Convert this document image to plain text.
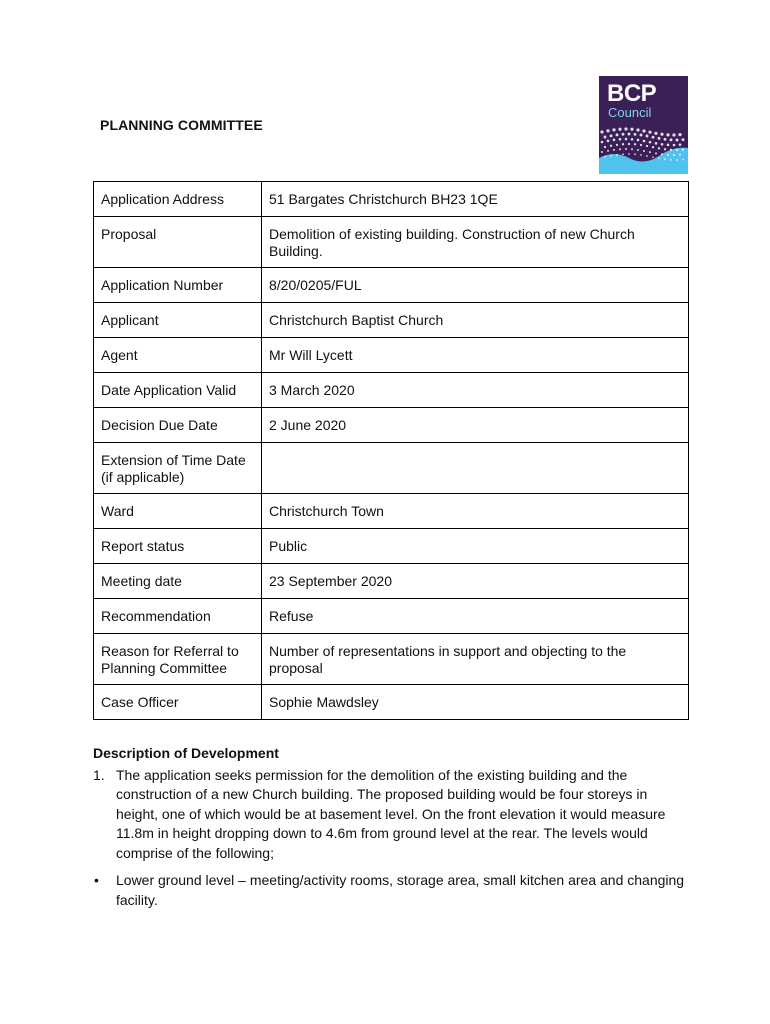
PLANNING COMMITTEE
BCP
Council
Application Address	51 Bargates Christchurch BH23 1QE
Proposal	Demolition of existing building. Construction of new Church Building.
Application Number	8/20/0205/FUL
Applicant	Christchurch Baptist Church
Agent	Mr Will Lycett
Date Application Valid	3 March 2020
Decision Due Date	2 June 2020
Extension of Time Date (if applicable)	
Ward	Christchurch Town
Report status	Public
Meeting date	23 September 2020
Recommendation	Refuse
Reason for Referral to Planning Committee	Number of representations in support and objecting to the proposal
Case Officer	Sophie Mawdsley
Description of Development
1. The application seeks permission for the demolition of the existing building and the construction of a new Church building. The proposed building would be four storeys in height, one of which would be at basement level. On the front elevation it would measure 11.8m in height dropping down to 4.6m from ground level at the rear. The levels would comprise of the following;
•	Lower ground level – meeting/activity rooms, storage area, small kitchen area and changing facility.
